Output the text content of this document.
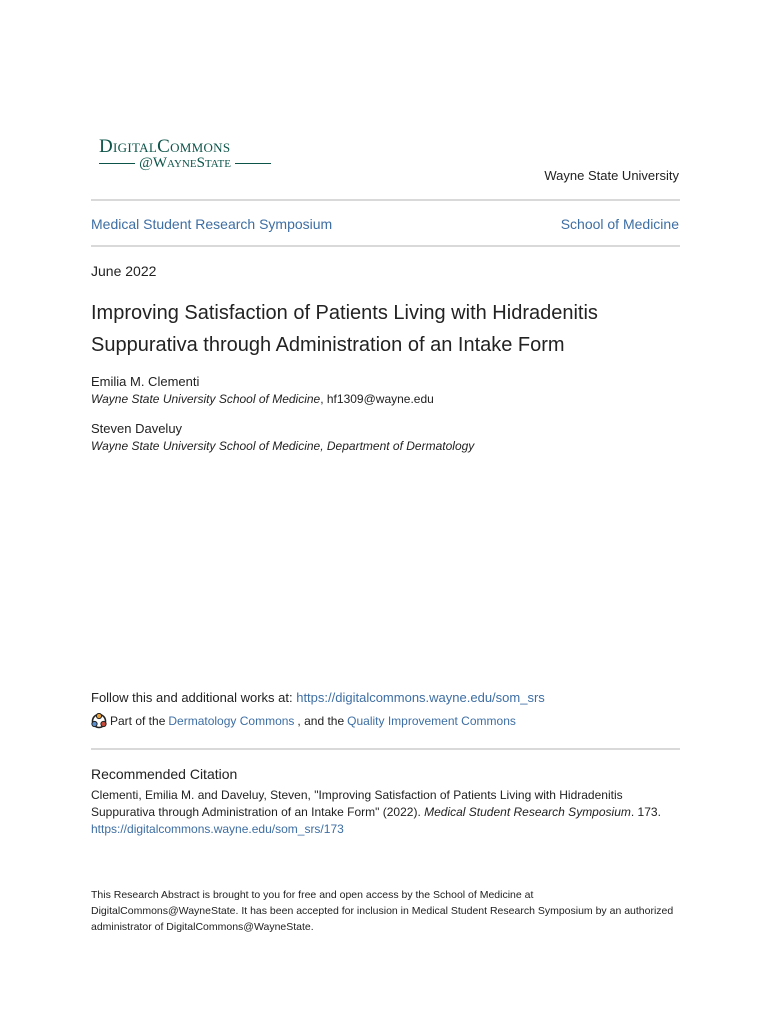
DigitalCommons
@WayneState
Wayne State University
Medical Student Research Symposium	School of Medicine
June 2022
Improving Satisfaction of Patients Living with Hidradenitis Suppurativa through Administration of an Intake Form
Emilia M. Clementi
Wayne State University School of Medicine, hf1309@wayne.edu
Steven Daveluy
Wayne State University School of Medicine, Department of Dermatology
Follow this and additional works at: https://digitalcommons.wayne.edu/som_srs
Part of the Dermatology Commons , and the Quality Improvement Commons
Recommended Citation
Clementi, Emilia M. and Daveluy, Steven, "Improving Satisfaction of Patients Living with Hidradenitis Suppurativa through Administration of an Intake Form" (2022). Medical Student Research Symposium. 173.
https://digitalcommons.wayne.edu/som_srs/173
This Research Abstract is brought to you for free and open access by the School of Medicine at DigitalCommons@WayneState. It has been accepted for inclusion in Medical Student Research Symposium by an authorized administrator of DigitalCommons@WayneState.
